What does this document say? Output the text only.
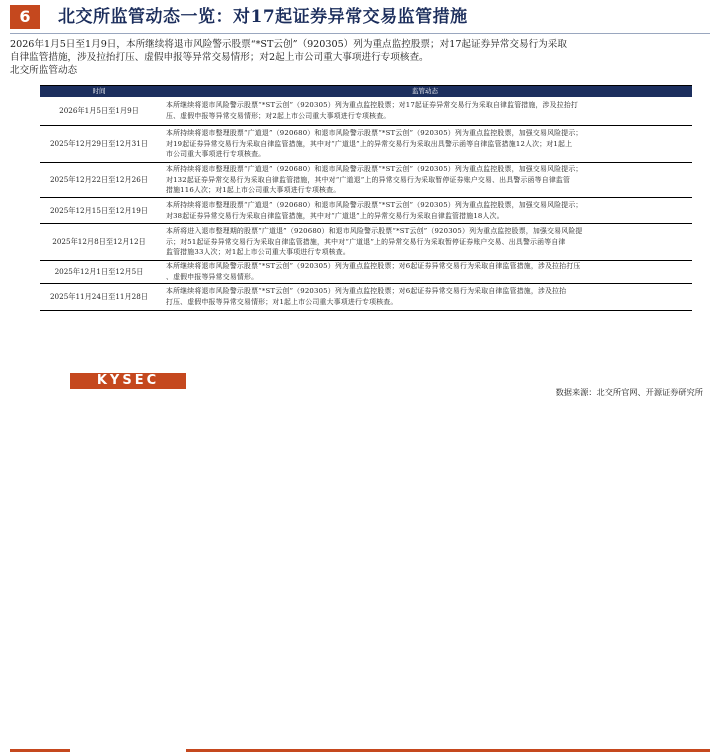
6	北交所监管动态一览：对17起证券异常交易监管措施

2026年1月5日至1月9日，本所继续将退市风险警示股票“*ST云创”（920305）列为重点监控股票；对17起证券异常交易行为采取

自律监管措施，涉及拉抬打压、虚假申报等异常交易情形；对2起上市公司重大事项进行专项核查。

北交所监管动态

时间	监管动态
2026年1月5日至1月9日
本所继续将退市风险警示股票“*ST云创”（920305）列为重点监控股票；对17起证券异常交易行为采取自律监管措施，涉及拉抬打
压、虚假申报等异常交易情形；对2起上市公司重大事项进行专项核查。
2025年12月29日至12月31日
本所持续将退市整理股票“广道退”（920680）和退市风险警示股票“*ST云创”（920305）列为重点监控股票，加强交易风险提示；
对19起证券异常交易行为采取自律监管措施，其中对“广道退”上的异常交易行为采取出具警示函等自律监管措施12人次；对1起上
市公司重大事项进行专项核查。
2025年12月22日至12月26日
本所持续将退市整理股票“广道退”（920680）和退市风险警示股票“*ST云创”（920305）列为重点监控股票，加强交易风险提示；
对132起证券异常交易行为采取自律监管措施，其中对“广道退”上的异常交易行为采取暂停证券账户交易、出具警示函等自律监管
措施116人次；对1起上市公司重大事项进行专项核查。
2025年12月15日至12月19日
本所持续将退市整理股票“广道退”（920680）和退市风险警示股票“*ST云创”（920305）列为重点监控股票，加强交易风险提示；
对38起证券异常交易行为采取自律监管措施，其中对“广道退”上的异常交易行为采取自律监管措施18人次。
2025年12月8日至12月12日
本所将进入退市整理期的股票“广道退”（920680）和退市风险警示股票“*ST云创”（920305）列为重点监控股票，加强交易风险提
示；对51起证券异常交易行为采取自律监管措施，其中对“广道退”上的异常交易行为采取暂停证券账户交易、出具警示函等自律
监管措施33人次；对1起上市公司重大事项进行专项核查。
2025年12月1日至12月5日
本所继续将退市风险警示股票“*ST云创”（920305）列为重点监控股票；对6起证券异常交易行为采取自律监管措施，涉及拉抬打压
、虚假申报等异常交易情形。
2025年11月24日至11月28日
本所继续将退市风险警示股票“*ST云创”（920305）列为重点监控股票；对6起证券异常交易行为采取自律监管措施，涉及拉抬
打压、虚假申报等异常交易情形；对1起上市公司重大事项进行专项核查。
KYSEC
数据来源：北交所官网、开源证券研究所
